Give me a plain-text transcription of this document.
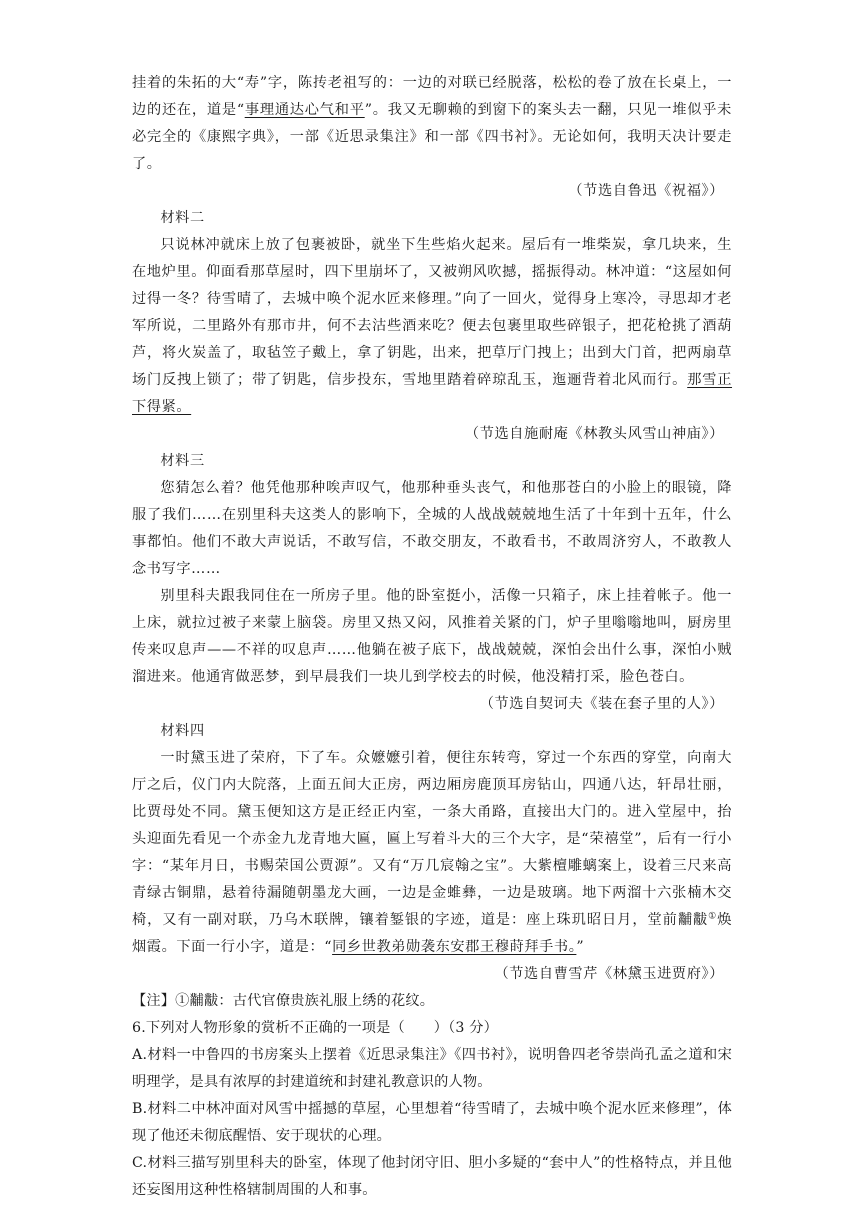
挂着的朱拓的大“寿”字，陈抟老祖写的：一边的对联已经脱落，松松的卷了放在长桌上，一边的还在，道是“事理通达心气和平”。我又无聊赖的到窗下的案头去一翻，只见一堆似乎未必完全的《康熙字典》，一部《近思录集注》和一部《四书衬》。无论如何，我明天决计要走了。

（节选自鲁迅《祝福》）

材料二

只说林冲就床上放了包裹被卧，就坐下生些焰火起来。屋后有一堆柴炭，拿几块来，生在地炉里。仰面看那草屋时，四下里崩坏了，又被朔风吹撼，摇振得动。林冲道：“这屋如何过得一冬？待雪晴了，去城中唤个泥水匠来修理。”向了一回火，觉得身上寒冷，寻思却才老军所说，二里路外有那市井，何不去沽些酒来吃？便去包裹里取些碎银子，把花枪挑了酒葫芦，将火炭盖了，取毡笠子戴上，拿了钥匙，出来，把草厅门拽上；出到大门首，把两扇草场门反拽上锁了；带了钥匙，信步投东，雪地里踏着碎琼乱玉，迤逦背着北风而行。那雪正下得紧。

（节选自施耐庵《林教头风雪山神庙》）

材料三

您猜怎么着？他凭他那种唉声叹气，他那种垂头丧气，和他那苍白的小脸上的眼镜，降服了我们……在别里科夫这类人的影响下，全城的人战战兢兢地生活了十年到十五年，什么事都怕。他们不敢大声说话，不敢写信，不敢交朋友，不敢看书，不敢周济穷人，不敢教人念书写字……

别里科夫跟我同住在一所房子里。他的卧室挺小，活像一只箱子，床上挂着帐子。他一上床，就拉过被子来蒙上脑袋。房里又热又闷，风推着关紧的门，炉子里嗡嗡地叫，厨房里传来叹息声——不祥的叹息声……他躺在被子底下，战战兢兢，深怕会出什么事，深怕小贼溜进来。他通宵做恶梦，到早晨我们一块儿到学校去的时候，他没精打采，脸色苍白。

（节选自契诃夫《装在套子里的人》）

材料四

一时黛玉进了荣府，下了车。众嬷嬷引着，便往东转弯，穿过一个东西的穿堂，向南大厅之后，仪门内大院落，上面五间大正房，两边厢房鹿顶耳房钻山，四通八达，轩昂壮丽，比贾母处不同。黛玉便知这方是正经正内室，一条大甬路，直接出大门的。进入堂屋中，抬头迎面先看见一个赤金九龙青地大匾，匾上写着斗大的三个大字，是“荣禧堂”，后有一行小字：“某年月日，书赐荣国公贾源”。又有“万几宸翰之宝”。大紫檀雕螭案上，设着三尺来高青绿古铜鼎，悬着待漏随朝墨龙大画，一边是金蜼彝，一边是玻璃。地下两溜十六张楠木交椅，又有一副对联，乃乌木联牌，镶着錾银的字迹，道是：座上珠玑昭日月，堂前黼黻①焕烟霞。下面一行小字，道是：“同乡世教弟勋袭东安郡王穆莳拜手书。”

（节选自曹雪芹《林黛玉进贾府》）

【注】①黼黻：古代官僚贵族礼服上绣的花纹。

6.下列对人物形象的赏析不正确的一项是（　　）（3 分）

A.材料一中鲁四的书房案头上摆着《近思录集注》《四书衬》，说明鲁四老爷崇尚孔孟之道和宋明理学，是具有浓厚的封建道统和封建礼教意识的人物。

B.材料二中林冲面对风雪中摇撼的草屋，心里想着“待雪晴了，去城中唤个泥水匠来修理”，体现了他还未彻底醒悟、安于现状的心理。

C.材料三描写别里科夫的卧室，体现了他封闭守旧、胆小多疑的“套中人”的性格特点，并且他还妄图用这种性格辖制周围的人和事。
